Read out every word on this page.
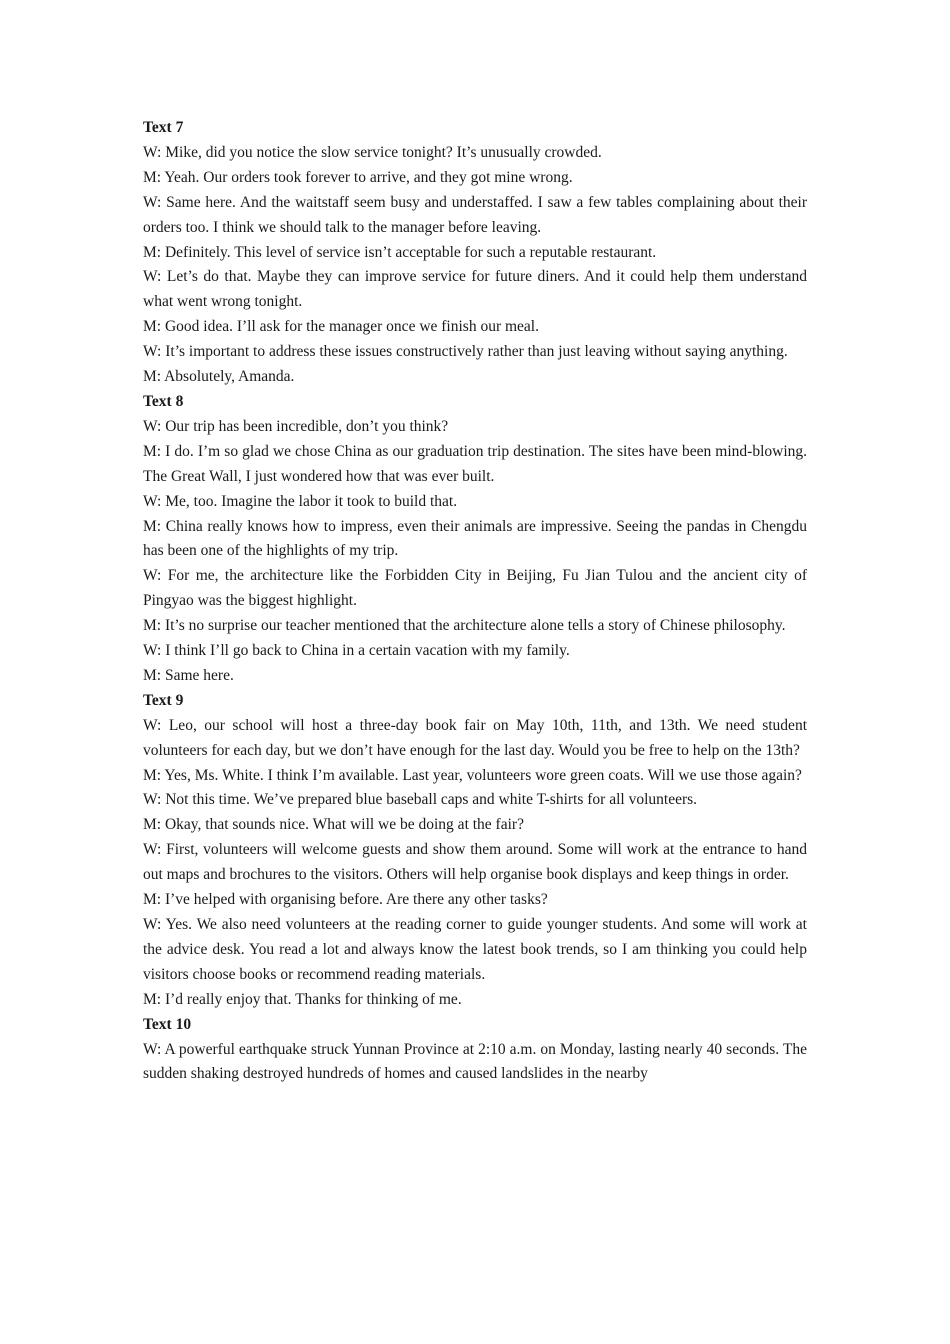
Text 7

W: Mike, did you notice the slow service tonight? It’s unusually crowded.

M: Yeah. Our orders took forever to arrive, and they got mine wrong.

W: Same here. And the waitstaff seem busy and understaffed. I saw a few tables complaining about their orders too. I think we should talk to the manager before leaving.

M: Definitely. This level of service isn’t acceptable for such a reputable restaurant.

W: Let’s do that. Maybe they can improve service for future diners. And it could help them understand what went wrong tonight.

M: Good idea. I’ll ask for the manager once we finish our meal.

W: It’s important to address these issues constructively rather than just leaving without saying anything.

M: Absolutely, Amanda.

Text 8

W: Our trip has been incredible, don’t you think?

M: I do. I’m so glad we chose China as our graduation trip destination. The sites have been mind-blowing. The Great Wall, I just wondered how that was ever built.

W: Me, too. Imagine the labor it took to build that.

M: China really knows how to impress, even their animals are impressive. Seeing the pandas in Chengdu has been one of the highlights of my trip.

W: For me, the architecture like the Forbidden City in Beijing, Fu Jian Tulou and the ancient city of Pingyao was the biggest highlight.

M: It’s no surprise our teacher mentioned that the architecture alone tells a story of Chinese philosophy.

W: I think I’ll go back to China in a certain vacation with my family.

M: Same here.

Text 9

W: Leo, our school will host a three-day book fair on May 10th, 11th, and 13th. We need student volunteers for each day, but we don’t have enough for the last day. Would you be free to help on the 13th?

M: Yes, Ms. White. I think I’m available. Last year, volunteers wore green coats. Will we use those again?

W: Not this time. We’ve prepared blue baseball caps and white T-shirts for all volunteers.

M: Okay, that sounds nice. What will we be doing at the fair?

W: First, volunteers will welcome guests and show them around. Some will work at the entrance to hand out maps and brochures to the visitors. Others will help organise book displays and keep things in order.

M: I’ve helped with organising before. Are there any other tasks?

W: Yes. We also need volunteers at the reading corner to guide younger students. And some will work at the advice desk. You read a lot and always know the latest book trends, so I am thinking you could help visitors choose books or recommend reading materials.

M: I’d really enjoy that. Thanks for thinking of me.

Text 10

W: A powerful earthquake struck Yunnan Province at 2:10 a.m. on Monday, lasting nearly 40 seconds. The sudden shaking destroyed hundreds of homes and caused landslides in the nearby
